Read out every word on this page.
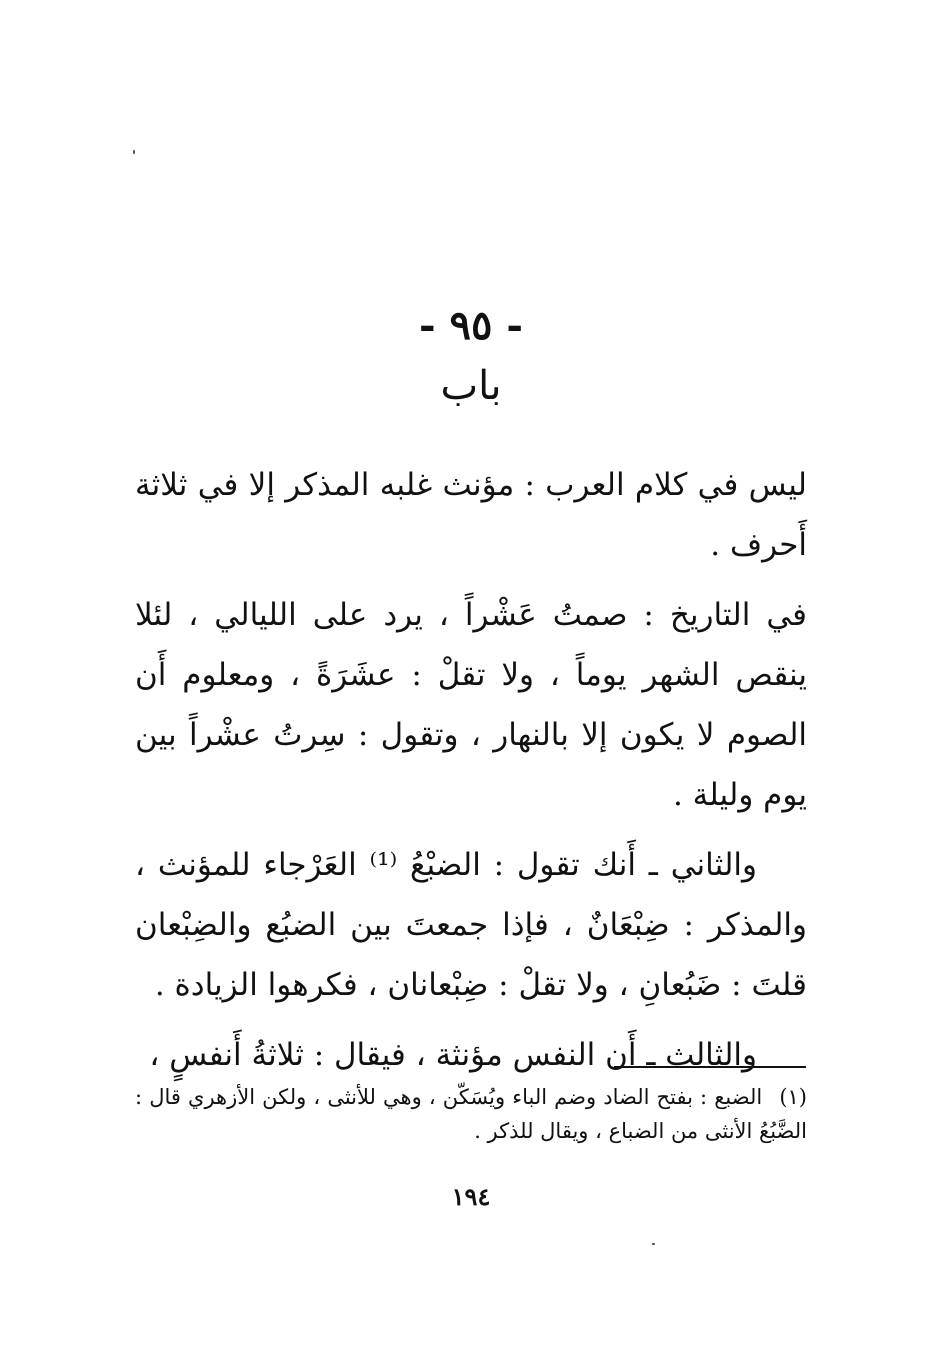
- ٩٥ -
باب

ليس في كلام العرب : مؤنث غلبه المذكر إلا في ثلاثة أَحرف .

في التاريخ : صمتُ عَشْراً ، يرد على الليالي ، لئلا ينقص الشهر يوماً ، ولا تقلْ : عشَرَةً ، ومعلوم أَن الصوم لا يكون إلا بالنهار ، وتقول : سِرتُ عشْراً بين يوم وليلة .

والثاني ـ أَنك تقول : الضبْعُ ⁽¹⁾ العَرْجاء للمؤنث ، والمذكر : ضِبْعَانٌ ، فإذا جمعتَ بين الضبُع والضِبْعان قلتَ : ضَبُعانِ ، ولا تقلْ : ضِبْعانان ، فكرهوا الزيادة .

والثالث ـ أَن النفس مؤنثة ، فيقال : ثلاثةُ أَنفسٍ ،

(١) الضبع : بفتح الضاد وضم الباء ويُسَكّن ، وهي للأنثى ، ولكن الأزهري قال : الضَّبُعُ الأنثى من الضباع ، ويقال للذكر .
١٩٤
